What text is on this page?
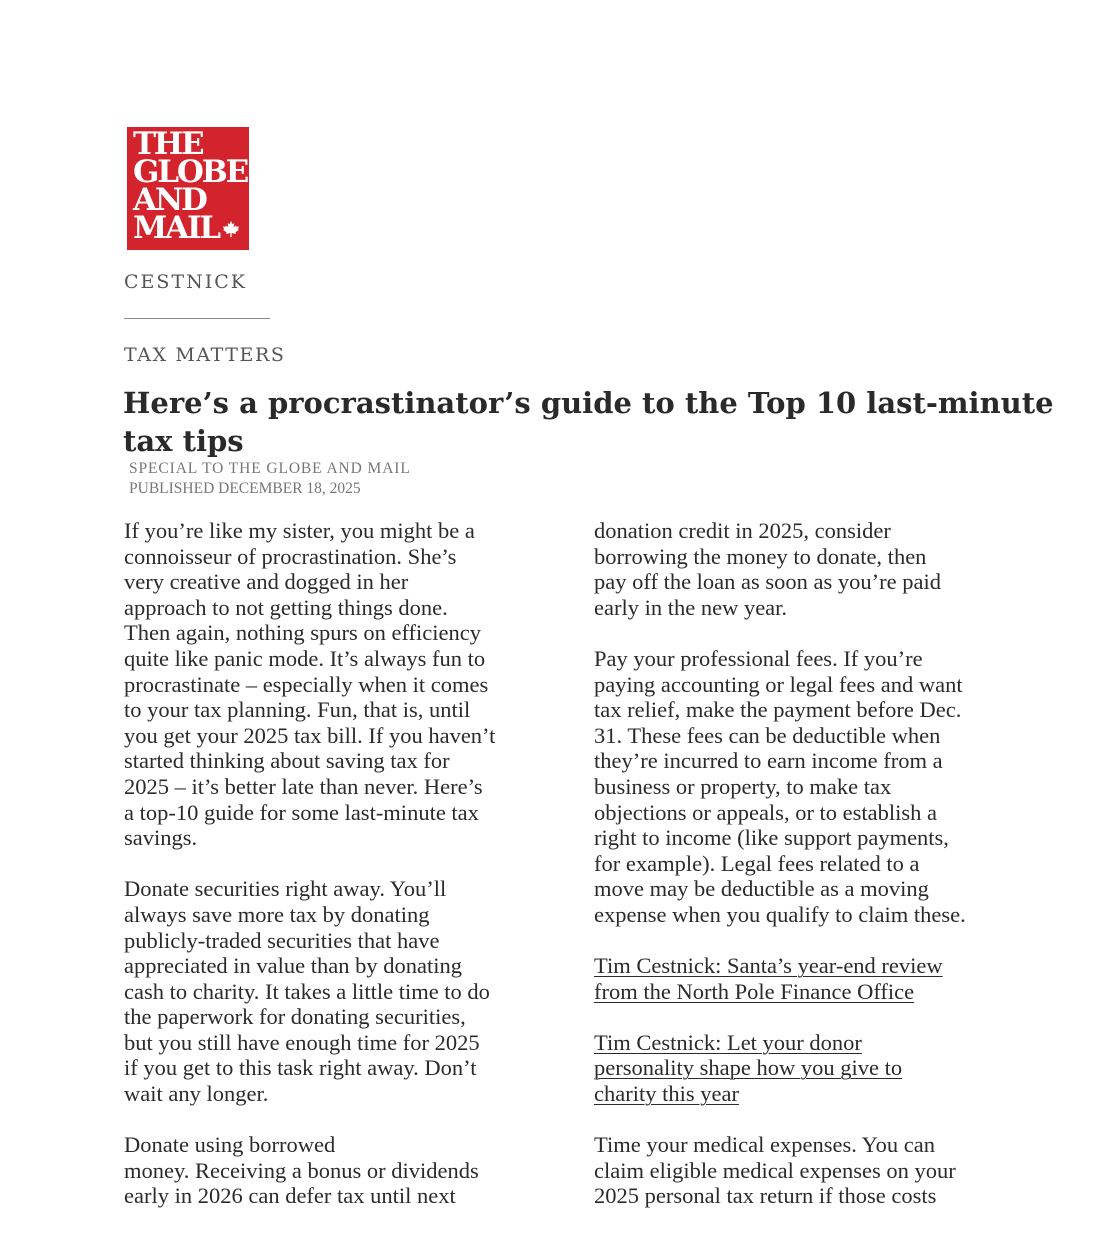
THE
GLOBE
AND
MAIL
CESTNICK
TAX MATTERS
Here’s a procrastinator’s guide to the Top 10 last-minute
tax tips
SPECIAL TO THE GLOBE AND MAIL
PUBLISHED DECEMBER 18, 2025

If you’re like my sister, you might be a
connoisseur of procrastination. She’s
very creative and dogged in her
approach to not getting things done.
Then again, nothing spurs on efficiency
quite like panic mode. It’s always fun to
procrastinate – especially when it comes
to your tax planning. Fun, that is, until
you get your 2025 tax bill. If you haven’t
started thinking about saving tax for
2025 – it’s better late than never. Here’s
a top-10 guide for some last-minute tax
savings.

Donate securities right away. You’ll
always save more tax by donating
publicly-traded securities that have
appreciated in value than by donating
cash to charity. It takes a little time to do
the paperwork for donating securities,
but you still have enough time for 2025
if you get to this task right away. Don’t
wait any longer.

Donate using borrowed
money. Receiving a bonus or dividends
early in 2026 can defer tax until next

donation credit in 2025, consider
borrowing the money to donate, then
pay off the loan as soon as you’re paid
early in the new year.

Pay your professional fees. If you’re
paying accounting or legal fees and want
tax relief, make the payment before Dec.
31. These fees can be deductible when
they’re incurred to earn income from a
business or property, to make tax
objections or appeals, or to establish a
right to income (like support payments,
for example). Legal fees related to a
move may be deductible as a moving
expense when you qualify to claim these.

Tim Cestnick: Santa’s year-end review
from the North Pole Finance Office

Tim Cestnick: Let your donor
personality shape how you give to
charity this year

Time your medical expenses. You can
claim eligible medical expenses on your
2025 personal tax return if those costs
